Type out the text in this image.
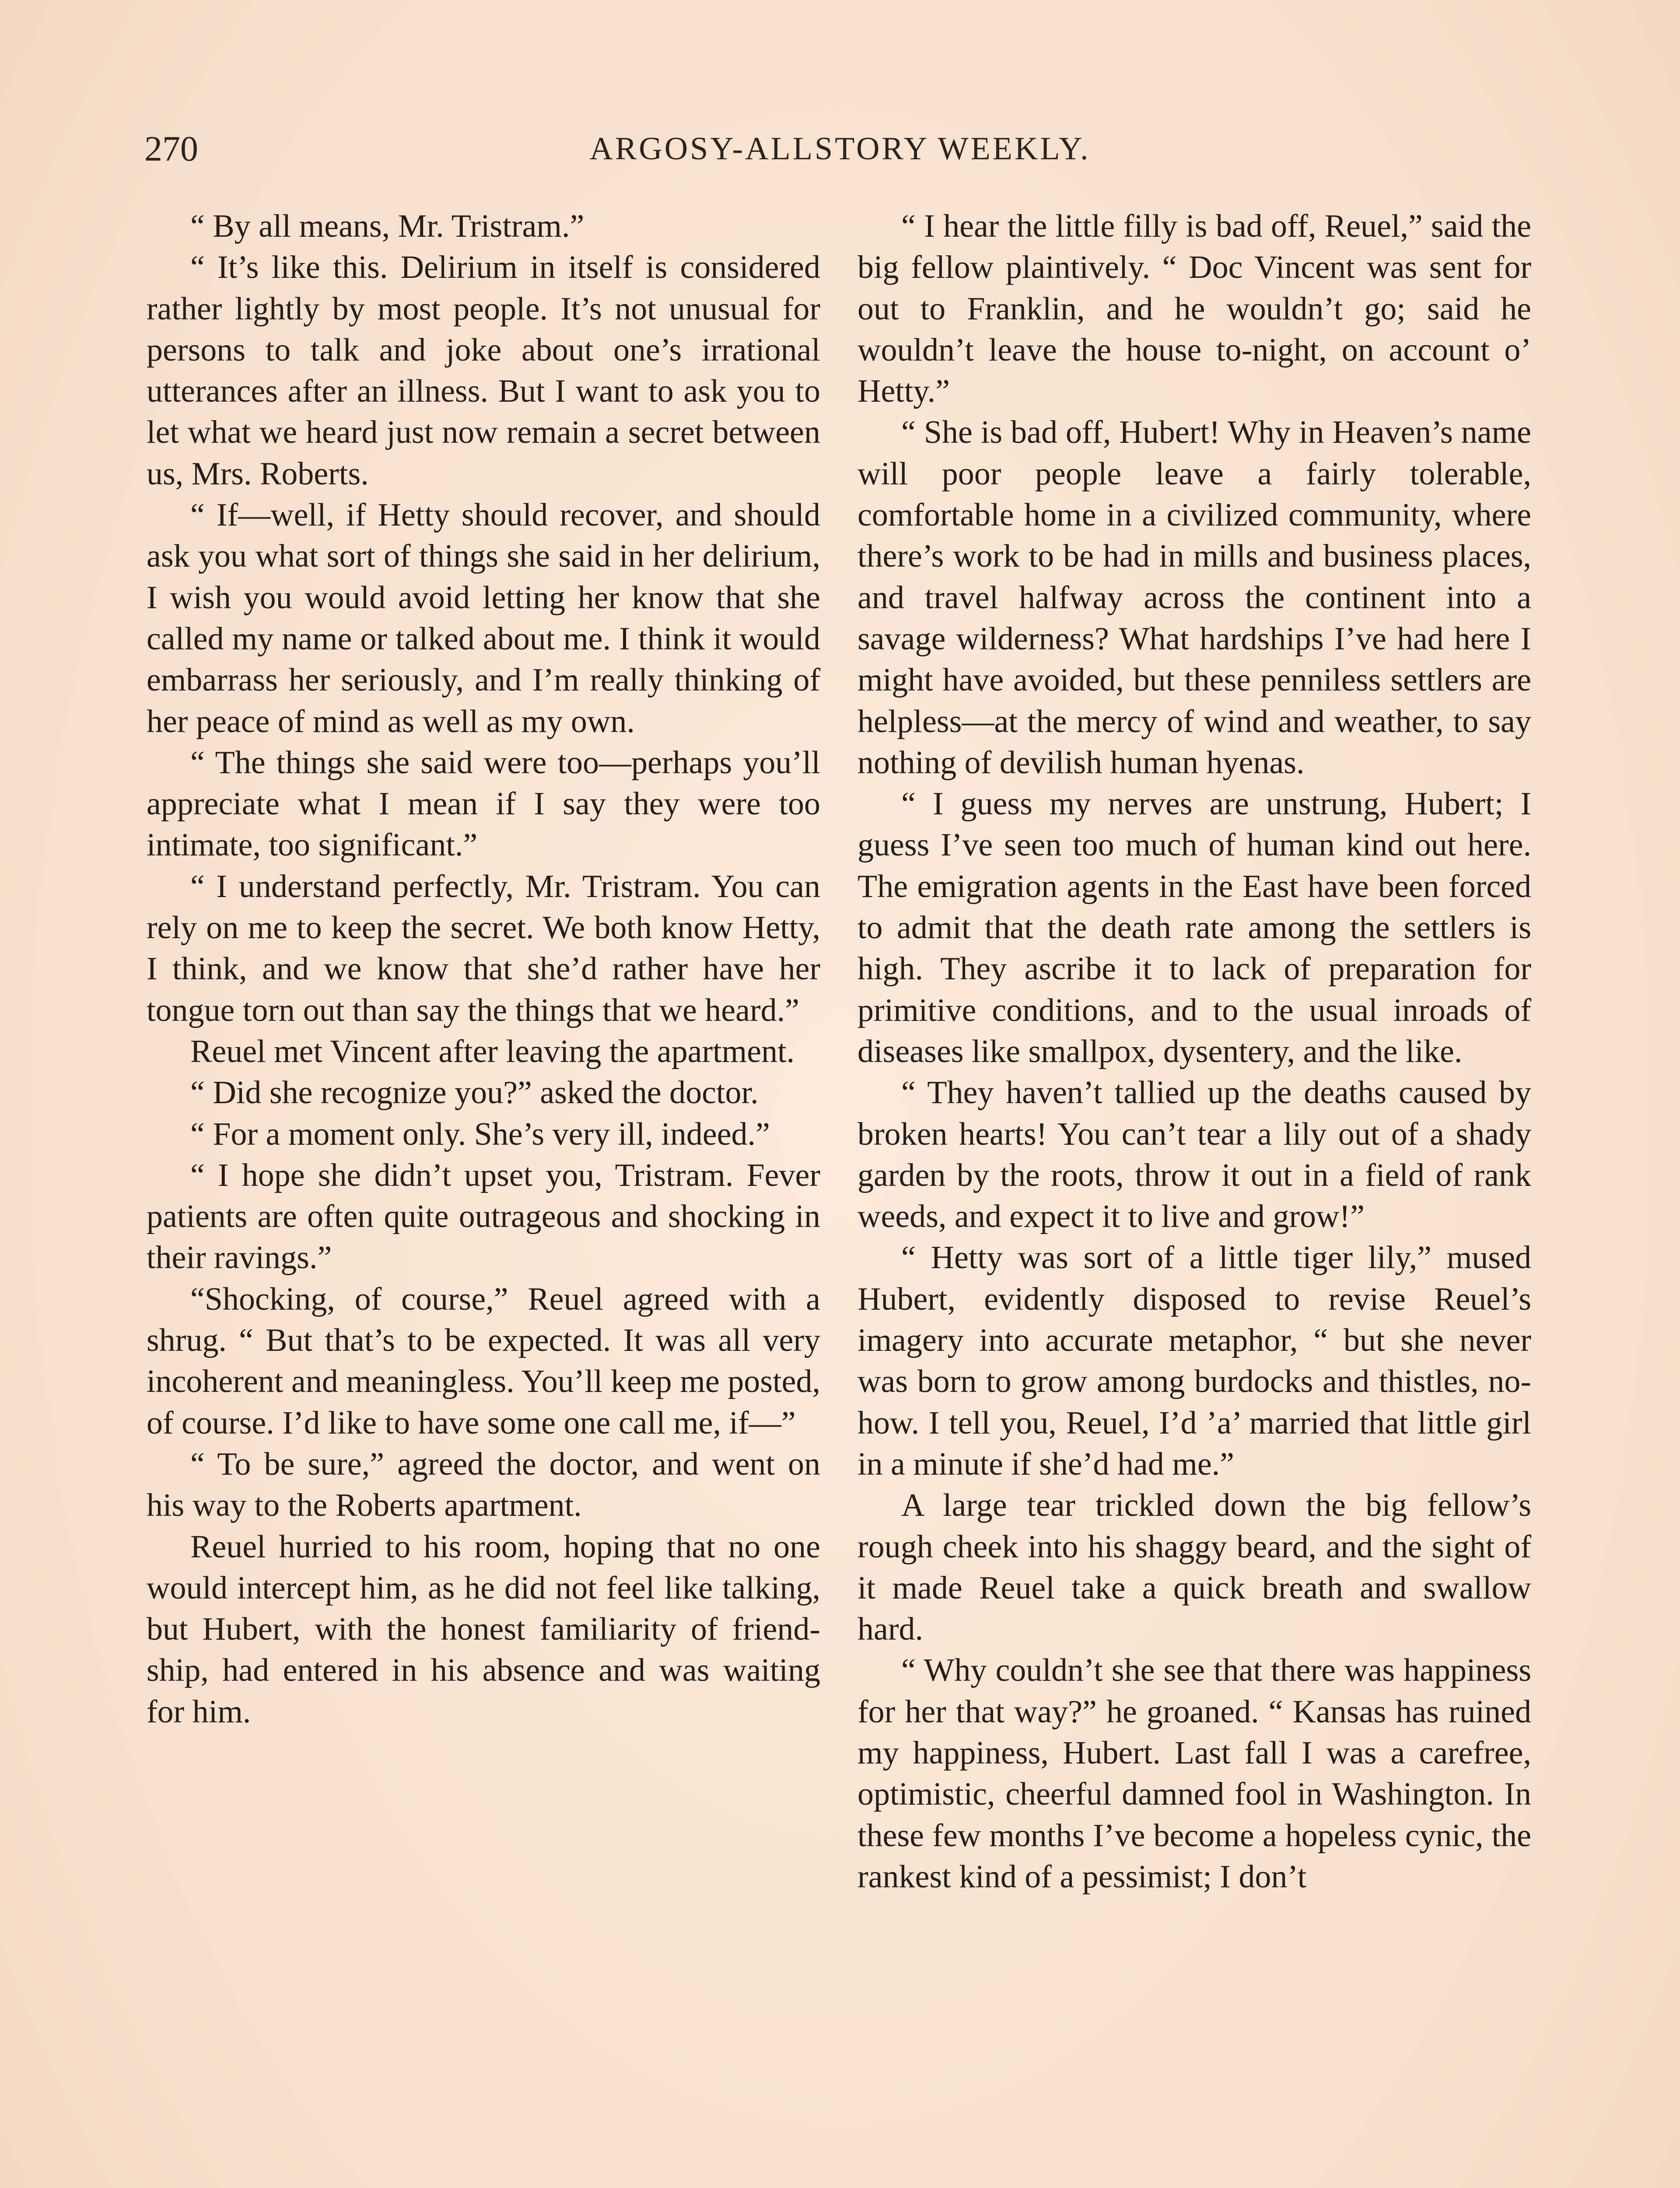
270	ARGOSY-ALLSTORY WEEKLY.

“ By all means, Mr. Tristram.”

“ It’s like this. Delirium in itself is considered rather lightly by most people. It’s not unusual for persons to talk and joke about one’s irrational utterances after an illness. But I want to ask you to let what we heard just now remain a secret between us, Mrs. Roberts.

“ If—well, if Hetty should recover, and should ask you what sort of things she said in her delirium, I wish you would avoid letting her know that she called my name or talked about me. I think it would embarrass her seriously, and I’m really thinking of her peace of mind as well as my own.

“ The things she said were too—perhaps you’ll appreciate what I mean if I say they were too intimate, too significant.”

“ I understand perfectly, Mr. Tristram. You can rely on me to keep the secret. We both know Hetty, I think, and we know that she’d rather have her tongue torn out than say the things that we heard.”

Reuel met Vincent after leaving the apartment.

“ Did she recognize you?” asked the doctor.

“ For a moment only. She’s very ill, indeed.”

“ I hope she didn’t upset you, Tristram. Fever patients are often quite outrageous and shocking in their ravings.”

“Shocking, of course,” Reuel agreed with a shrug. “ But that’s to be expected. It was all very incoherent and meaningless. You’ll keep me posted, of course. I’d like to have some one call me, if—”

“ To be sure,” agreed the doctor, and went on his way to the Roberts apartment.

Reuel hurried to his room, hoping that no one would intercept him, as he did not feel like talking, but Hubert, with the honest familiarity of friendship, had entered in his absence and was waiting for him.

“ I hear the little filly is bad off, Reuel,” said the big fellow plaintively. “ Doc Vincent was sent for out to Franklin, and he wouldn’t go; said he wouldn’t leave the house to-night, on account o’ Hetty.”

“ She is bad off, Hubert! Why in Heaven’s name will poor people leave a fairly tolerable, comfortable home in a civilized community, where there’s work to be had in mills and business places, and travel halfway across the continent into a savage wilderness? What hardships I’ve had here I might have avoided, but these penniless settlers are helpless—at the mercy of wind and weather, to say nothing of devilish human hyenas.

“ I guess my nerves are unstrung, Hubert; I guess I’ve seen too much of human kind out here. The emigration agents in the East have been forced to admit that the death rate among the settlers is high. They ascribe it to lack of preparation for primitive conditions, and to the usual inroads of diseases like smallpox, dysentery, and the like.

“ They haven’t tallied up the deaths caused by broken hearts! You can’t tear a lily out of a shady garden by the roots, throw it out in a field of rank weeds, and expect it to live and grow!”

“ Hetty was sort of a little tiger lily,” mused Hubert, evidently disposed to revise Reuel’s imagery into accurate metaphor, “ but she never was born to grow among burdocks and thistles, nohow. I tell you, Reuel, I’d ’a’ married that little girl in a minute if she’d had me.”

A large tear trickled down the big fellow’s rough cheek into his shaggy beard, and the sight of it made Reuel take a quick breath and swallow hard.

“ Why couldn’t she see that there was happiness for her that way?” he groaned. “ Kansas has ruined my happiness, Hubert. Last fall I was a carefree, optimistic, cheerful damned fool in Washington. In these few months I’ve become a hopeless cynic, the rankest kind of a pessimist; I don’t
